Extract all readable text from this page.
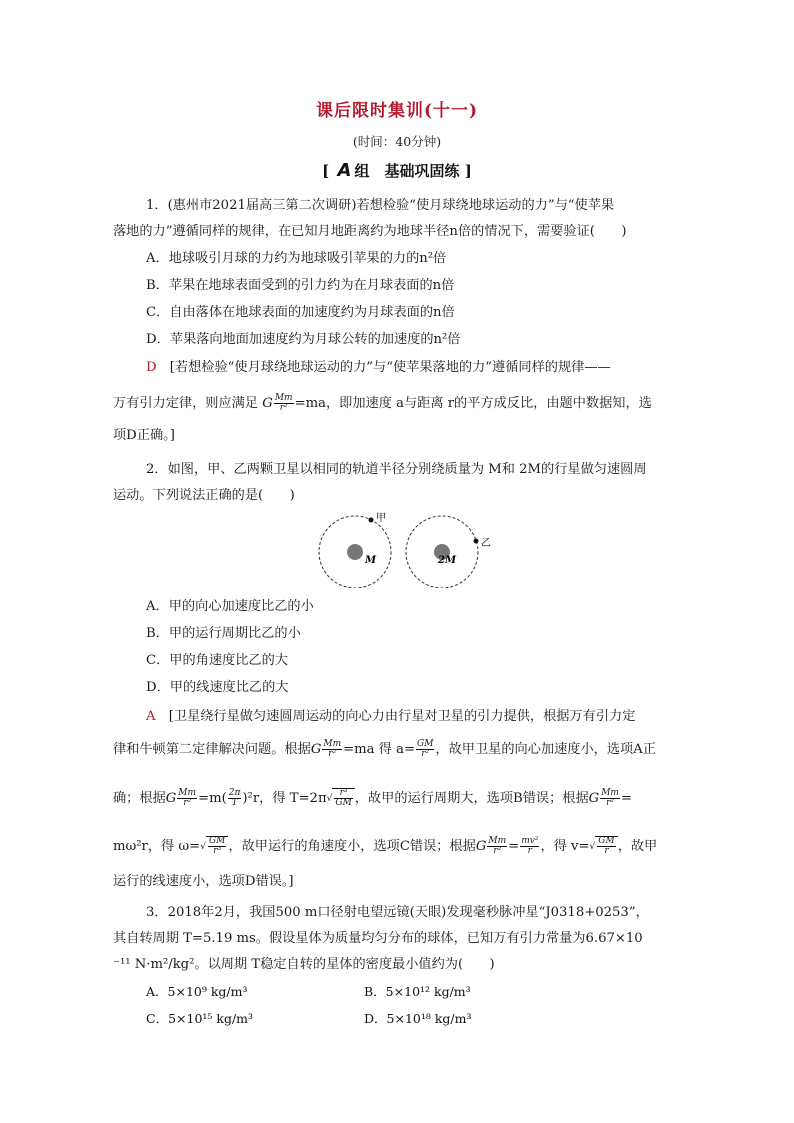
课后限时集训(十一)
(时间：40分钟)
[ A 组　基础巩固练 ]
1．(惠州市2021届高三第二次调研)若想检验“使月球绕地球运动的力”与“使苹果
落地的力”遵循同样的规律，在已知月地距离约为地球半径n倍的情况下，需要验证(　　)
A．地球吸引月球的力约为地球吸引苹果的力的n²倍
B．苹果在地球表面受到的引力约为在月球表面的n倍
C．自由落体在地球表面的加速度约为月球表面的n倍
D．苹果落向地面加速度约为月球公转的加速度的n²倍
D　 [若想检验“使月球绕地球运动的力”与“使苹果落地的力”遵循同样的规律——
万有引力定律，则应满足 G $\frac{Mm}{\text{r²}} =ma$，即加速度 a与距离 r的平方成反比，由题中数据知，选
项D正确。]
2．如图，甲、乙两颗卫星以相同的轨道半径分别绕质量为 M和 2M的行星做匀速圆周
运动。下列说法正确的是(　　)
M
甲
2M
乙
A．甲的向心加速度比乙的小
B．甲的运行周期比乙的小
C．甲的角速度比乙的大
D．甲的线速度比乙的大
A　 [卫星绕行星做匀速圆周运动的向心力由行星对卫星的引力提供，根据万有引力定
律和牛顿第二定律解决问题。根据G $\frac{Mm}{\text{r²}} =ma$ 得 $a= \frac{GM}{\text{r²}}$ ，故甲卫星的向心加速度小，选项A正
确；根据G $\frac{Mm}{\text{r²}} =m( \frac{2\pi}{T} )^2r$，得 $T=2\pi√ \frac{\text{r³}}{GM}$ ，故甲的运行周期大，选项B错误；根据G $\frac{Mm}{\text{r²}}$ =
mω²r，得 $\omega=√ \frac{GM}{\text{r³}}$ ，故甲运行的角速度小，选项C错误；根据G $\frac{Mm}{\text{r²}} = \frac{\text{mv²}}{r}$ ，得 $v=√ \frac{GM}{r}$ ，故甲
运行的线速度小，选项D错误。]
3．2018年2月，我国500 m口径射电望远镜(天眼)发现毫秒脉冲星“J0318+0253”，
其自转周期 T=5.19 ms。假设星体为质量均匀分布的球体，已知万有引力常量为6.67×10
⁻¹¹ N·m²/kg²。以周期 T稳定自转的星体的密度最小值约为(　　)
A．5×10⁹ kg/m³	B．5×10¹² kg/m³
C．5×10¹⁵ kg/m³	D．5×10¹⁸ kg/m³
